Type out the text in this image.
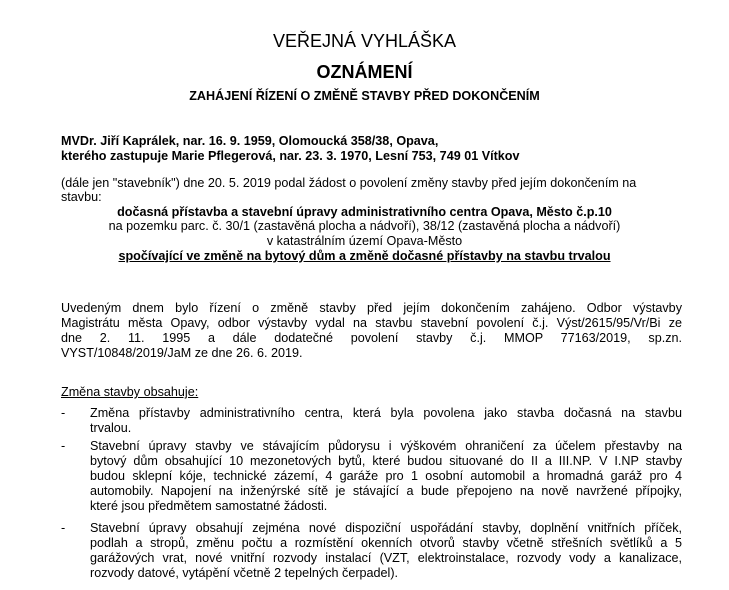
VEŘEJNÁ VYHLÁŠKA
OZNÁMENÍ
ZAHÁJENÍ ŘÍZENÍ O ZMĚNĚ STAVBY PŘED DOKONČENÍM
MVDr. Jiří Kaprálek, nar. 16. 9. 1959, Olomoucká 358/38, Opava,
kterého zastupuje Marie Pflegerová, nar. 23. 3. 1970, Lesní 753, 749 01 Vítkov
(dále jen "stavebník") dne 20. 5. 2019 podal žádost o povolení změny stavby před jejím dokončením na
stavbu:
dočasná přístavba a stavební úpravy administrativního centra Opava, Město č.p.10
na pozemku parc. č. 30/1 (zastavěná plocha a nádvoří), 38/12 (zastavěná plocha a nádvoří)
v katastrálním území Opava-Město
spočívající ve změně na bytový dům a změně dočasné přístavby na stavbu trvalou
Uvedeným dnem bylo řízení o změně stavby před jejím dokončením zahájeno. Odbor výstavby
Magistrátu města Opavy, odbor výstavby vydal na stavbu stavební povolení č.j. Výst/2615/95/Vr/Bi ze
dne 2. 11. 1995 a dále dodatečné povolení stavby č.j. MMOP 77163/2019, sp.zn.
VYST/10848/2019/JaM ze dne 26. 6. 2019.
Změna stavby obsahuje:
- Změna přístavby administrativního centra, která byla povolena jako stavba dočasná na stavbu
trvalou.
- Stavební úpravy stavby ve stávajícím půdorysu i výškovém ohraničení za účelem přestavby na
bytový dům obsahující 10 mezonetových bytů, které budou situované do II a III.NP. V I.NP stavby
budou sklepní kóje, technické zázemí, 4 garáže pro 1 osobní automobil a hromadná garáž pro 4
automobily. Napojení na inženýrské sítě je stávající a bude přepojeno na nově navržené přípojky,
které jsou předmětem samostatné žádosti.
- Stavební úpravy obsahují zejména nové dispoziční uspořádání stavby, doplnění vnitřních příček,
podlah a stropů, změnu počtu a rozmístění okenních otvorů stavby včetně střešních světlíků a 5
garážových vrat, nové vnitřní rozvody instalací (VZT, elektroinstalace, rozvody vody a kanalizace,
rozvody datové, vytápění včetně 2 tepelných čerpadel).
